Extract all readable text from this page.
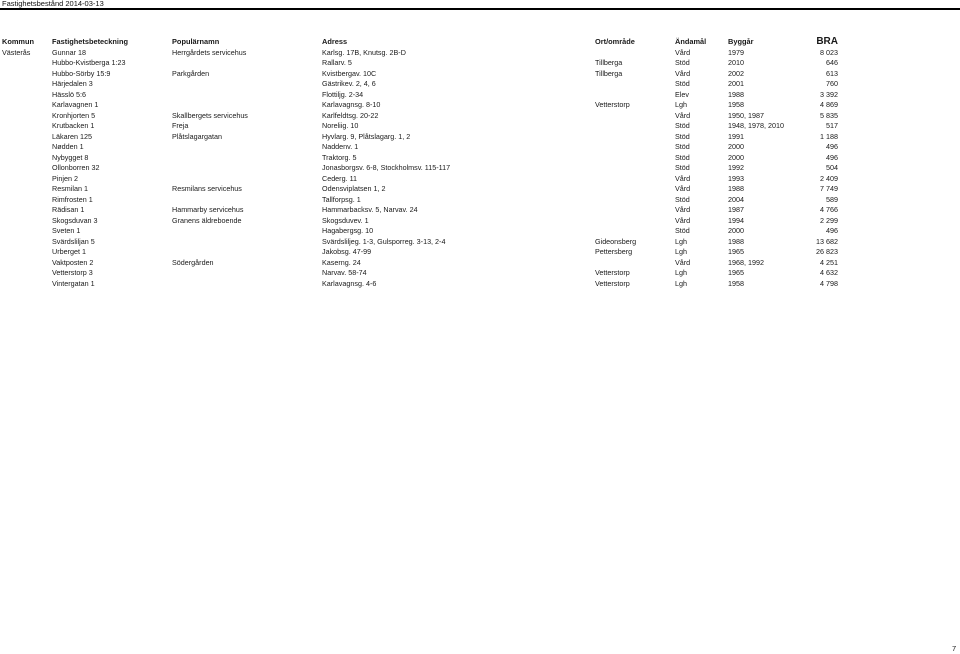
Fastighetsbestånd 2014-03-13
Kommun	Fastighetsbeteckning	Populärnamn	Adress	Ort/område	Ändamål	Byggår	BRA
Västerås	Gunnar 18	Herrgårdets servicehus	Karlsg. 17B, Knutsg. 2B-D		Vård	1979	8 023
	Hubbo-Kvistberga 1:23		Rallarv. 5	Tillberga	Stöd	2010	646
	Hubbo-Sörby 15:9	Parkgården	Kvistbergav. 10C	Tillberga	Vård	2002	613
	Härjedalen 3		Gästrikev. 2, 4, 6		Stöd	2001	760
	Hässlö 5:6		Flottiljg. 2-34		Elev	1988	3 392
	Karlavagnen 1		Karlavagnsg. 8-10	Vetterstorp	Lgh	1958	4 869
	Kronhjorten 5	Skallbergets servicehus	Karlfeldtsg. 20-22		Vård	1950, 1987	5 835
	Krutbacken 1	Freja	Noreliig. 10		Stöd	1948, 1978, 2010	517
	Läkaren 125	Plåtslagargatan	Hyvlarg. 9, Plåtslagarg. 1, 2		Stöd	1991	1 188
	Nødden 1		Naddenv. 1		Stöd	2000	496
	Nybygget 8		Traktorg. 5		Stöd	2000	496
	Ollonborren 32		Jonasborgsv. 6-8, Stockholmsv. 115-117		Stöd	1992	504
	Pinjen 2		Cederg. 11		Vård	1993	2 409
	Resmilan 1	Resmilans servicehus	Odensviplatsen 1, 2		Vård	1988	7 749
	Rimfrosten 1		Tallforpsg. 1		Stöd	2004	589
	Rädisan 1	Hammarby servicehus	Hammarbacksv. 5, Narvav. 24		Vård	1987	4 766
	Skogsduvan 3	Granens äldreboende	Skogsduvev. 1		Vård	1994	2 299
	Sveten 1		Hagabergsg. 10		Stöd	2000	496
	Svärdsliljan 5		Svärdsliljeg. 1-3, Gulsporreg. 3-13, 2-4	Gideonsberg	Lgh	1988	13 682
	Urberget 1		Jakobsg. 47-99	Pettersberg	Lgh	1965	26 823
	Vaktposten 2	Södergården	Kaserng. 24		Vård	1968, 1992	4 251
	Vetterstorp 3		Narvav. 58-74	Vetterstorp	Lgh	1965	4 632
	Vintergatan 1		Karlavagnsg. 4-6	Vetterstorp	Lgh	1958	4 798
7
